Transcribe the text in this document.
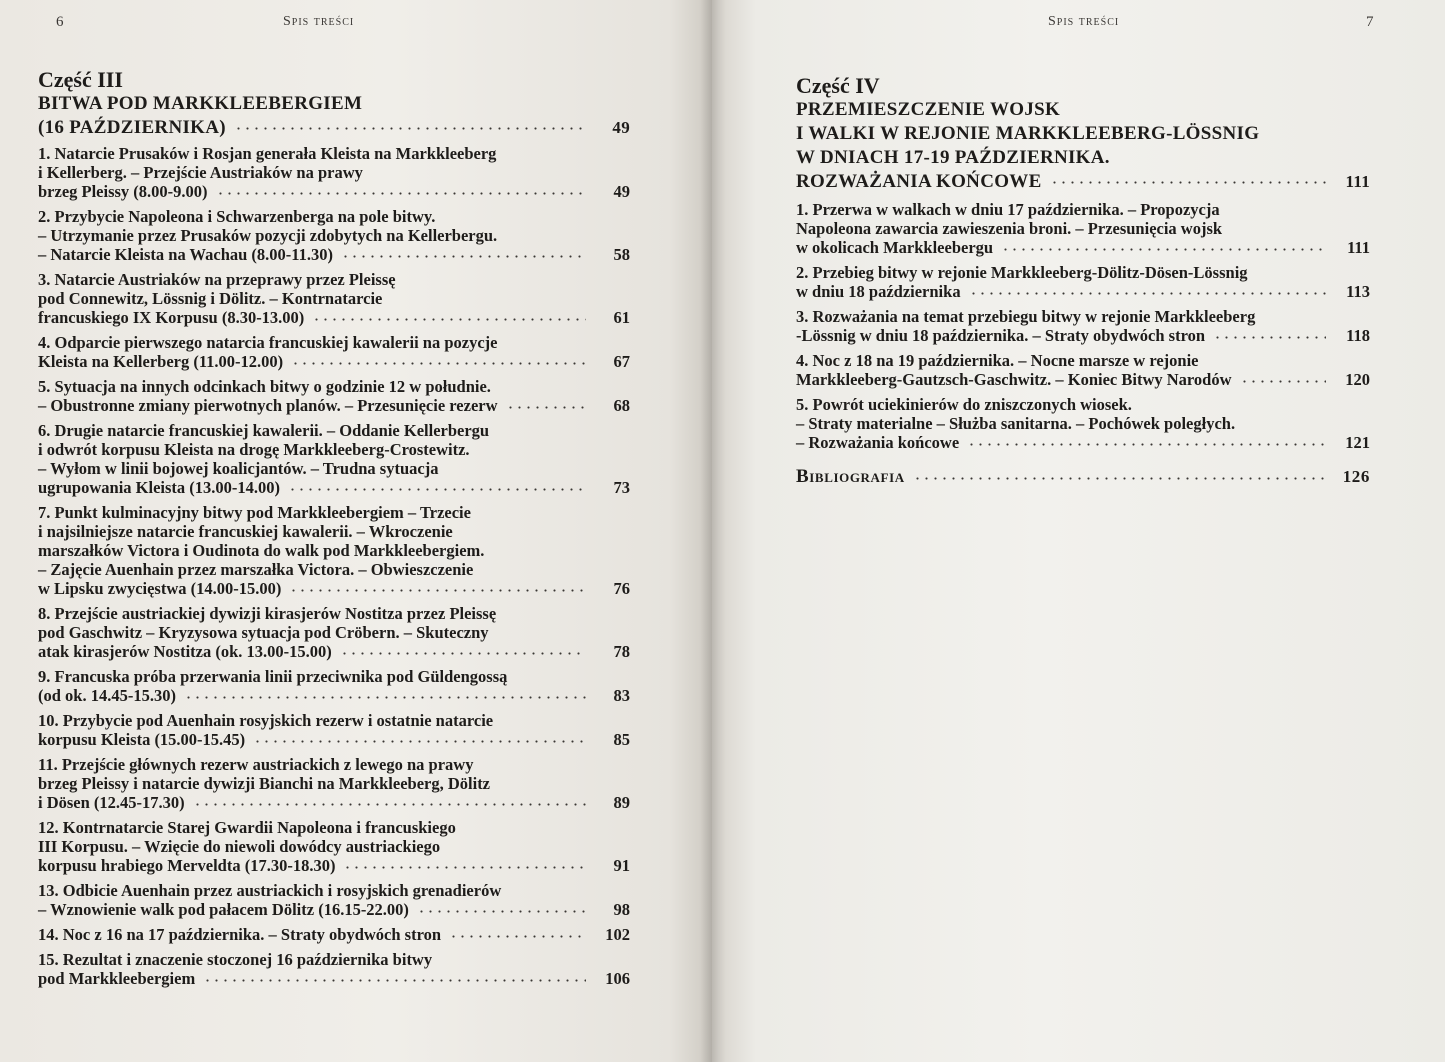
6	Spis treści
Część III
BITWA POD MARKKLEEBERGIEM
(16 PAŹDZIERNIKA)	49
1. Natarcie Prusaków i Rosjan generała Kleista na Markkleeberg
i Kellerberg. – Przejście Austriaków na prawy
brzeg Pleissy (8.00-9.00)	49
2. Przybycie Napoleona i Schwarzenberga na pole bitwy.
– Utrzymanie przez Prusaków pozycji zdobytych na Kellerbergu.
– Natarcie Kleista na Wachau (8.00-11.30)	58
3. Natarcie Austriaków na przeprawy przez Pleissę
pod Connewitz, Lössnig i Dölitz. – Kontrnatarcie
francuskiego IX Korpusu (8.30-13.00)	61
4. Odparcie pierwszego natarcia francuskiej kawalerii na pozycje
Kleista na Kellerberg (11.00-12.00)	67
5. Sytuacja na innych odcinkach bitwy o godzinie 12 w południe.
– Obustronne zmiany pierwotnych planów. – Przesunięcie rezerw	68
6. Drugie natarcie francuskiej kawalerii. – Oddanie Kellerbergu
i odwrót korpusu Kleista na drogę Markkleeberg-Crostewitz.
– Wyłom w linii bojowej koalicjantów. – Trudna sytuacja
ugrupowania Kleista (13.00-14.00)	73
7. Punkt kulminacyjny bitwy pod Markkleebergiem – Trzecie
i najsilniejsze natarcie francuskiej kawalerii. – Wkroczenie
marszałków Victora i Oudinota do walk pod Markkleebergiem.
– Zajęcie Auenhain przez marszałka Victora. – Obwieszczenie
w Lipsku zwycięstwa (14.00-15.00)	76
8. Przejście austriackiej dywizji kirasjerów Nostitza przez Pleissę
pod Gaschwitz – Kryzysowa sytuacja pod Cröbern. – Skuteczny
atak kirasjerów Nostitza (ok. 13.00-15.00)	78
9. Francuska próba przerwania linii przeciwnika pod Güldengossą
(od ok. 14.45-15.30)	83
10. Przybycie pod Auenhain rosyjskich rezerw i ostatnie natarcie
korpusu Kleista (15.00-15.45)	85
11. Przejście głównych rezerw austriackich z lewego na prawy
brzeg Pleissy i natarcie dywizji Bianchi na Markkleeberg, Dölitz
i Dösen (12.45-17.30)	89
12. Kontrnatarcie Starej Gwardii Napoleona i francuskiego
III Korpusu. – Wzięcie do niewoli dowódcy austriackiego
korpusu hrabiego Merveldta (17.30-18.30)	91
13. Odbicie Auenhain przez austriackich i rosyjskich grenadierów
– Wznowienie walk pod pałacem Dölitz (16.15-22.00)	98
14. Noc z 16 na 17 października. – Straty obydwóch stron	102
15. Rezultat i znaczenie stoczonej 16 października bitwy
pod Markkleebergiem	106
Spis treści	7
Część IV
PRZEMIESZCZENIE WOJSK
I WALKI W REJONIE MARKKLEEBERG-LÖSSNIG
W DNIACH 17-19 PAŹDZIERNIKA.
ROZWAŻANIA KOŃCOWE	111
1. Przerwa w walkach w dniu 17 października. – Propozycja
Napoleona zawarcia zawieszenia broni. – Przesunięcia wojsk
w okolicach Markkleebergu	111
2. Przebieg bitwy w rejonie Markkleeberg-Dölitz-Dösen-Lössnig
w dniu 18 października	113
3. Rozważania na temat przebiegu bitwy w rejonie Markkleeberg
-Lössnig w dniu 18 października. – Straty obydwóch stron	118
4. Noc z 18 na 19 października. – Nocne marsze w rejonie
Markkleeberg-Gautzsch-Gaschwitz. – Koniec Bitwy Narodów	120
5. Powrót uciekinierów do zniszczonych wiosek.
– Straty materialne – Służba sanitarna. – Pochówek poległych.
– Rozważania końcowe	121
Bibliografia	126
